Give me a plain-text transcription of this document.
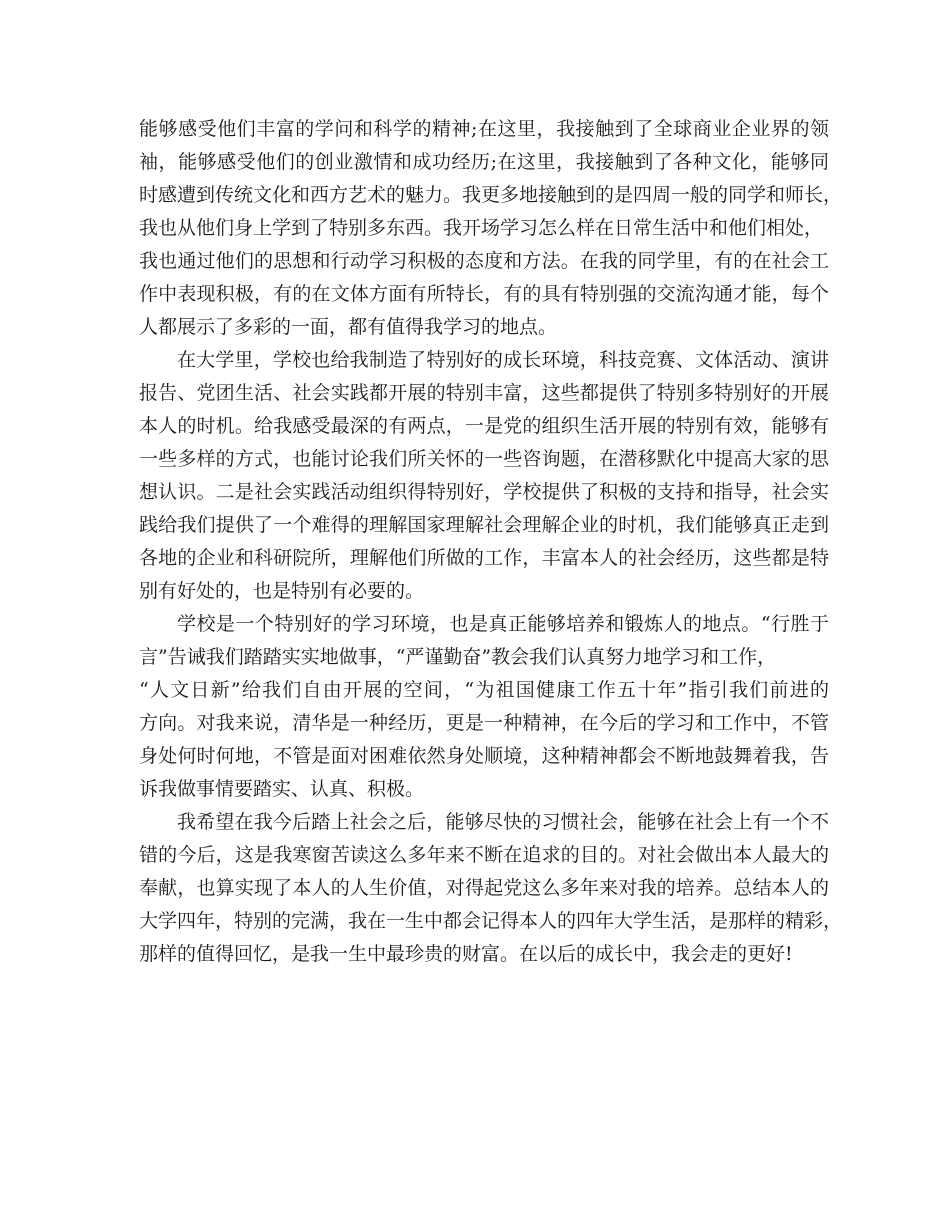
能够感受他们丰富的学问和科学的精神;在这里，我接触到了全球商业企业界的领
袖，能够感受他们的创业激情和成功经历;在这里，我接触到了各种文化，能够同
时感遭到传统文化和西方艺术的魅力。我更多地接触到的是四周一般的同学和师长，
我也从他们身上学到了特别多东西。我开场学习怎么样在日常生活中和他们相处，
我也通过他们的思想和行动学习积极的态度和方法。在我的同学里，有的在社会工
作中表现积极，有的在文体方面有所特长，有的具有特别强的交流沟通才能，每个
人都展示了多彩的一面，都有值得我学习的地点。
在大学里，学校也给我制造了特别好的成长环境，科技竞赛、文体活动、演讲
报告、党团生活、社会实践都开展的特别丰富，这些都提供了特别多特别好的开展
本人的时机。给我感受最深的有两点，一是党的组织生活开展的特别有效，能够有
一些多样的方式，也能讨论我们所关怀的一些咨询题，在潜移默化中提高大家的思
想认识。二是社会实践活动组织得特别好，学校提供了积极的支持和指导，社会实
践给我们提供了一个难得的理解国家理解社会理解企业的时机，我们能够真正走到
各地的企业和科研院所，理解他们所做的工作，丰富本人的社会经历，这些都是特
别有好处的，也是特别有必要的。
学校是一个特别好的学习环境，也是真正能够培养和锻炼人的地点。“行胜于
言”告诫我们踏踏实实地做事，“严谨勤奋”教会我们认真努力地学习和工作，
“人文日新”给我们自由开展的空间，“为祖国健康工作五十年”指引我们前进的
方向。对我来说，清华是一种经历，更是一种精神，在今后的学习和工作中，不管
身处何时何地，不管是面对困难依然身处顺境，这种精神都会不断地鼓舞着我，告
诉我做事情要踏实、认真、积极。
我希望在我今后踏上社会之后，能够尽快的习惯社会，能够在社会上有一个不
错的今后，这是我寒窗苦读这么多年来不断在追求的目的。对社会做出本人最大的
奉献，也算实现了本人的人生价值，对得起党这么多年来对我的培养。总结本人的
大学四年，特别的完满，我在一生中都会记得本人的四年大学生活，是那样的精彩，
那样的值得回忆，是我一生中最珍贵的财富。在以后的成长中，我会走的更好!
